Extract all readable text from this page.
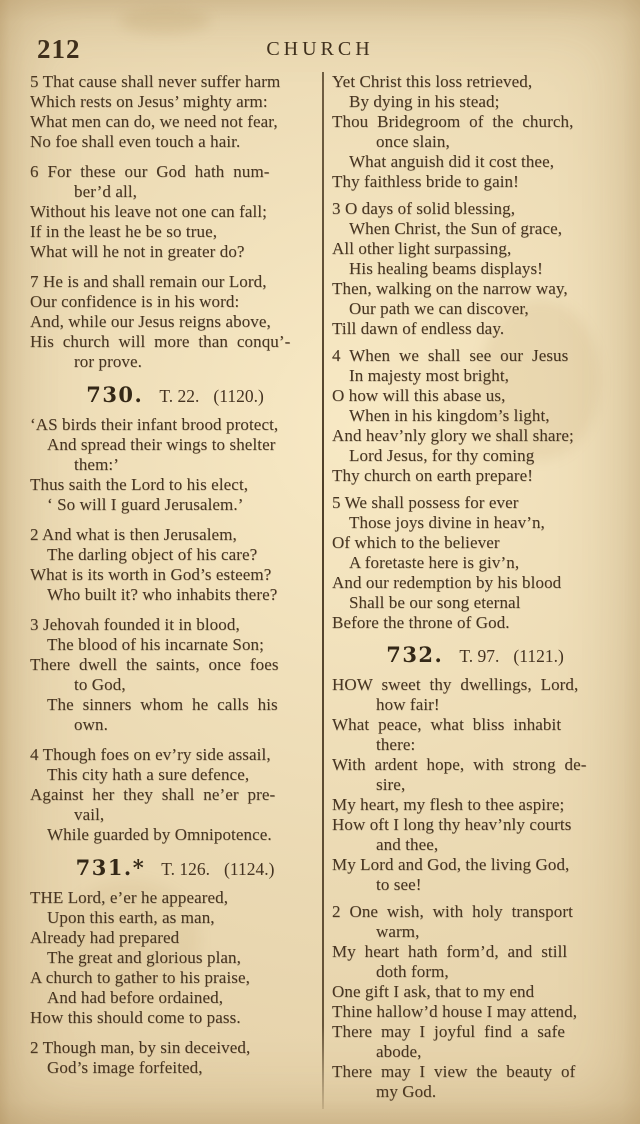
212	CHURCH
5 That cause shall never suffer harm
Which rests on Jesus’ mighty arm:
What men can do, we need not fear,
No foe shall even touch a hair.
6 For these our God hath num-
ber’d all,
Without his leave not one can fall;
If in the least he be so true,
What will he not in greater do?
7 He is and shall remain our Lord,
Our confidence is in his word:
And, while our Jesus reigns above,
His church will more than conqu’-
ror prove.
730. T. 22. (1120.)
‘AS birds their infant brood protect,
And spread their wings to shelter
them:’
Thus saith the Lord to his elect,
‘ So will I guard Jerusalem.’
2 And what is then Jerusalem,
The darling object of his care?
What is its worth in God’s esteem?
Who built it? who inhabits there?
3 Jehovah founded it in blood,
The blood of his incarnate Son;
There dwell the saints, once foes
to God,
The sinners whom he calls his
own.
4 Though foes on ev’ry side assail,
This city hath a sure defence,
Against her they shall ne’er pre-
vail,
While guarded by Omnipotence.
731.* T. 126. (1124.)
THE Lord, e’er he appeared,
Upon this earth, as man,
Already had prepared
The great and glorious plan,
A church to gather to his praise,
And had before ordained,
How this should come to pass.
2 Though man, by sin deceived,
God’s image forfeited,
Yet Christ this loss retrieved,
By dying in his stead;
Thou Bridegroom of the church,
once slain,
What anguish did it cost thee,
Thy faithless bride to gain!
3 O days of solid blessing,
When Christ, the Sun of grace,
All other light surpassing,
His healing beams displays!
Then, walking on the narrow way,
Our path we can discover,
Till dawn of endless day.
4 When we shall see our Jesus
In majesty most bright,
O how will this abase us,
When in his kingdom’s light,
And heav’nly glory we shall share;
Lord Jesus, for thy coming
Thy church on earth prepare!
5 We shall possess for ever
Those joys divine in heav’n,
Of which to the believer
A foretaste here is giv’n,
And our redemption by his blood
Shall be our song eternal
Before the throne of God.
732. T. 97. (1121.)
HOW sweet thy dwellings, Lord,
how fair!
What peace, what bliss inhabit
there:
With ardent hope, with strong de-
sire,
My heart, my flesh to thee aspire;
How oft I long thy heav’nly courts
and thee,
My Lord and God, the living God,
to see!
2 One wish, with holy transport
warm,
My heart hath form’d, and still
doth form,
One gift I ask, that to my end
Thine hallow’d house I may attend,
There may I joyful find a safe
abode,
There may I view the beauty of
my God.
